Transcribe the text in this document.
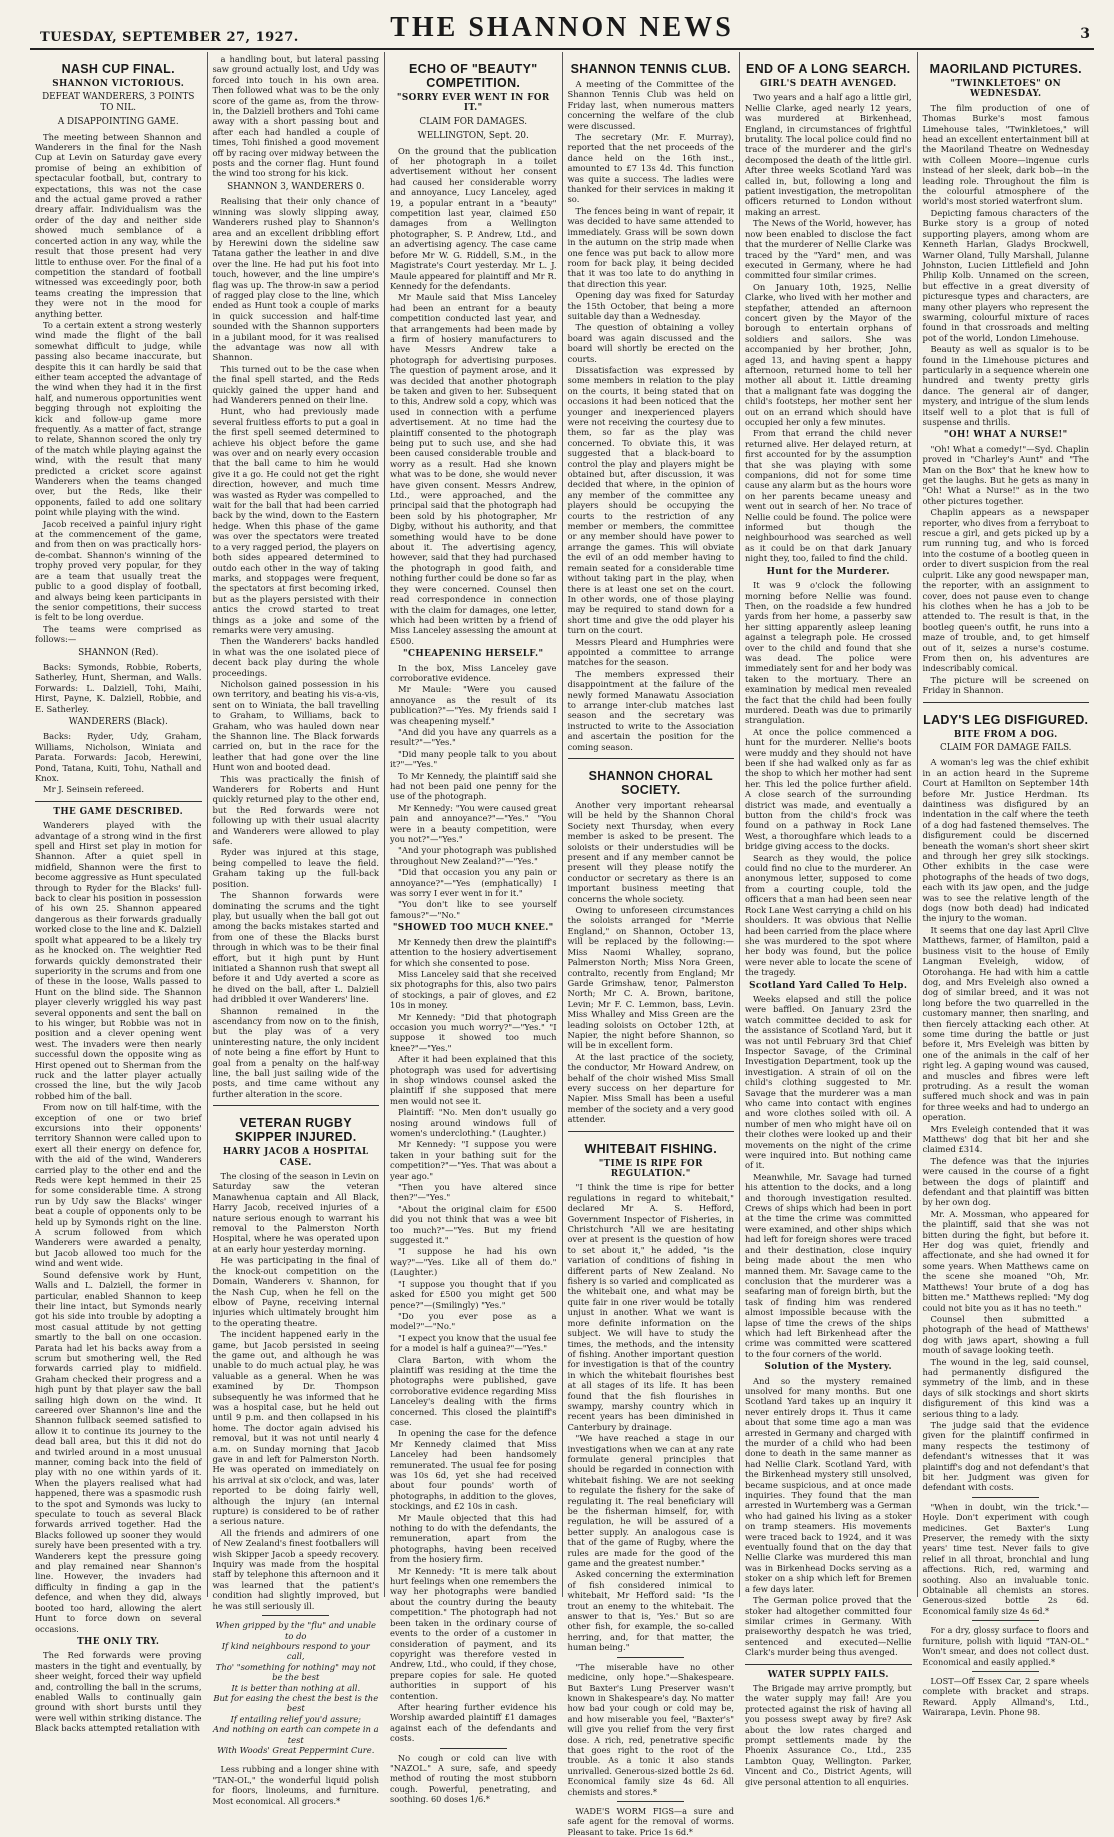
TUESDAY, SEPTEMBER 27, 1927.	THE SHANNON NEWS	3
NASH CUP FINAL.
SHANNON VICTORIOUS.
DEFEAT WANDERERS, 3 POINTS TO NIL.
A DISAPPOINTING GAME.

The meeting between Shannon and Wanderers in the final for the Nash Cup at Levin on Saturday gave every promise of being an exhibition of spectacular football, but, contrary to expectations, this was not the case and the actual game proved a rather dreary affair. Individualism was the order of the day and neither side showed much semblance of a concerted action in any way, while the result that those present had very little to enthuse over. For the final of a competition the standard of football witnessed was exceedingly poor, both teams creating the impression that they were not in the mood for anything better.

To a certain extent a strong westerly wind made the flight of the ball somewhat difficult to judge, while passing also became inaccurate, but despite this it can hardly be said that either team accepted the advantage of the wind when they had it in the first half, and numerous opportunities went begging through not exploiting the kick and follow-up game more frequently. As a matter of fact, strange to relate, Shannon scored the only try of the match while playing against the wind, with the result that many predicted a cricket score against Wanderers when the teams changed over, but the Reds, like their opponents, failed to add one solitary point while playing with the wind.

Jacob received a painful injury right at the commencement of the game, and from then on was practically hors-de-combat. Shannon's winning of the trophy proved very popular, for they are a team that usually treat the public to a good display of football, and always being keen participants in the senior competitions, their success is felt to be long overdue.

The teams were comprised as follows:—

SHANNON (Red).

Backs: Symonds, Robbie, Roberts, Satherley, Hunt, Sherman, and Walls. Forwards: L. Dalziell, Tohi, Maihi, Hirst, Payne, K. Dalziell, Robbie, and E. Satherley.

WANDERERS (Black).

Backs: Ryder, Udy, Graham, Williams, Nicholson, Winiata and Parata. Forwards: Jacob, Herewini, Pond, Tatana, Kuiti, Tohu, Nathall and Knox.

Mr J. Seinsein refereed.

THE GAME DESCRIBED.

Wanderers played with the advantage of a strong wind in the first spell and Hirst set play in motion for Shannon. After a quiet spell in midfield, Shannon were the first to become aggressive as Hunt speculated through to Ryder for the Blacks' full-back to clear his position in possession of his own 25. Shannon appeared dangerous as their forwards gradually worked close to the line and K. Dalziell spoilt what appeared to be a likely try as he knocked on. The weightier Red forwards quickly demonstrated their superiority in the scrums and from one of these in the loose, Walls passed to Hunt on the blind side. The Shannon player cleverly wriggled his way past several opponents and sent the ball on to his winger, but Robbie was not in position and a clever opening went west. The invaders were then nearly successful down the opposite wing as Hirst opened out to Sherman from the ruck and the latter player actually crossed the line, but the wily Jacob robbed him of the ball.

From now on till half-time, with the exception of one or two brief excursions into their opponents' territory Shannon were called upon to exert all their energy on defence for, with the aid of the wind, Wanderers carried play to the other end and the Reds were kept hemmed in their 25 for some considerable time. A strong run by Udy saw the Blacks' winger beat a couple of opponents only to be held up by Symonds right on the line. A scrum followed from which Wanderers were awarded a penalty, but Jacob allowed too much for the wind and went wide.

Sound defensive work by Hunt, Walls and L. Dalziell, the former in particular, enabled Shannon to keep their line intact, but Symonds nearly got his side into trouble by adopting a most casual attitude by not getting smartly to the ball on one occasion. Parata had let his backs away from a scrum but smothering well, the Red forwards carried play to midfield. Graham checked their progress and a high punt by that player saw the ball sailing high down on the wind. It careered over Shannon's line and the Shannon fullback seemed satisfied to allow it to continue its journey to the dead ball area, but this it did not do and twirled around in a most unusual manner, coming back into the field of play with no one within yards of it. When the players realised what had happened, there was a spasmodic rush to the spot and Symonds was lucky to speculate to touch as several Black forwards arrived together. Had the Blacks followed up sooner they would surely have been presented with a try. Wanderers kept the pressure going and play remained near Shannon's line. However, the invaders had difficulty in finding a gap in the defence, and when they did, always booted too hard, allowing the alert Hunt to force down on several occasions.

THE ONLY TRY.

The Red forwards were proving masters in the tight and eventually, by sheer weight, forced their way upfield and, controlling the ball in the scrums, enabled Walls to continually gain ground with short bursts until they were well within striking distance. The Black backs attempted retaliation with

a handling bout, but lateral passing saw ground actually lost, and Udy was forced into touch in his own area. Then followed what was to be the only score of the game as, from the throw-in, the Dalziell brothers and Tohi came away with a short passing bout and after each had handled a couple of times, Tohi finished a good movement off by racing over midway between the posts and the corner flag. Hunt found the wind too strong for his kick.

SHANNON 3, WANDERERS 0.

Realising that their only chance of winning was slowly slipping away, Wanderers rushed play to Shannon's area and an excellent dribbling effort by Herewini down the sideline saw Tatana gather the leather in and dive over the line. He had put his foot into touch, however, and the line umpire's flag was up. The throw-in saw a period of ragged play close to the line, which ended as Hunt took a couple of marks in quick succession and half-time sounded with the Shannon supporters in a jubilant mood, for it was realised the advantage was now all with Shannon.

This turned out to be the case when the final spell started, and the Reds quickly gained the upper hand and had Wanderers penned on their line.

Hunt, who had previously made several fruitless efforts to put a goal in the first spell seemed determined to achieve his object before the game was over and on nearly every occasion that the ball came to him he would give it a go. He could not get the right direction, however, and much time was wasted as Ryder was compelled to wait for the ball that had been carried back by the wind, down to the Eastern hedge. When this phase of the game was over the spectators were treated to a very ragged period, the players on both sides appeared determined to outdo each other in the way of taking marks, and stoppages were frequent, the spectators at first becoming irked, but as the players persisted with their antics the crowd started to treat things as a joke and some of the remarks were very amusing.

Then the Wanderers' backs handled in what was the one isolated piece of decent back play during the whole proceedings.

Nicholson gained possession in his own territory, and beating his vis-a-vis, sent on to Winiata, the ball travelling to Graham, to Williams, back to Graham, who was hauled down near the Shannon line. The Black forwards carried on, but in the race for the leather that had gone over the line Hunt won and booted dead.

This was practically the finish of Wanderers for Roberts and Hunt quickly returned play to the other end, but the Red forwards were not following up with their usual alacrity and Wanderers were allowed to play safe.

Ryder was injured at this stage, being compelled to leave the field. Graham taking up the full-back position.

The Shannon forwards were dominating the scrums and the tight play, but usually when the ball got out among the backs mistakes started and from one of these the Blacks burst through in which was to be their final effort, but it high punt by Hunt initiated a Shannon rush that swept all before it and Udy averted a score as he dived on the ball, after L. Dalziell had dribbled it over Wanderers' line.

Shannon remained in the ascendancy from now on to the finish, but the play was of a very uninteresting nature, the only incident of note being a fine effort by Hunt to goal from a penalty on the half-way line, the ball just sailing wide of the posts, and time came without any further alteration in the score.

VETERAN RUGBY SKIPPER INJURED.
HARRY JACOB A HOSPITAL CASE.

The closing of the season in Levin on Saturday saw the veteran Manawhenua captain and All Black, Harry Jacob, received injuries of a nature serious enough to warrant his removal to the Palmerston North Hospital, where he was operated upon at an early hour yesterday morning.

He was participating in the final of the knock-out competition on the Domain, Wanderers v. Shannon, for the Nash Cup, when he fell on the elbow of Payne, receiving internal injuries which ultimately brought him to the operating theatre.

The incident happened early in the game, but Jacob persisted in seeing the game out, and although he was unable to do much actual play, he was valuable as a general. When he was examined by Dr. Thompson subsequently he was informed that he was a hospital case, but he held out until 9 p.m. and then collapsed in his home. The doctor again advised his removal, but it was not until nearly 4 a.m. on Sunday morning that Jacob gave in and left for Palmerston North. He was operated on immediately on his arrival at six o'clock, and was, later reported to be doing fairly well, although the injury (an internal rupture) is considered to be of rather a serious nature.

All the friends and admirers of one of New Zealand's finest footballers will wish Skipper Jacob a speedy recovery. Inquiry was made from the hospital staff by telephone this afternoon and it was learned that the patient's condition had slightly improved, but he was still seriously ill.

When gripped by the "flu" and unable to do
If kind neighbours respond to your call,
Tho' "something for nothing" may not be the best
It is better than nothing at all.
But for easing the chest the best is the best
If entailing relief you'd assure;
And nothing on earth can compete in a test
With Woods' Great Peppermint Cure.

Less rubbing and a longer shine with "TAN-OL," the wonderful liquid polish for floors, linoleums, and furniture. Most economical. All grocers.*

ECHO OF "BEAUTY" COMPETITION.
"SORRY EVER WENT IN FOR IT."
CLAIM FOR DAMAGES.
WELLINGTON, Sept. 20.

On the ground that the publication of her photograph in a toilet advertisement without her consent had caused her considerable worry and annoyance, Lucy Lanceley, aged 19, a popular entrant in a "beauty" competition last year, claimed £50 damages from a Wellington photographer, S. P. Andrew, Ltd., and an advertising agency. The case came before Mr W. G. Riddell, S.M., in the Magistrate's Court yesterday. Mr L. J. Maule appeared for plaintiff and Mr R. Kennedy for the defendants.

Mr Maule said that Miss Lanceley had been an entrant for a beauty competition conducted last year, and that arrangements had been made by a firm of hosiery manufacturers to have Messrs Andrew take a photograph for advertising purposes. The question of payment arose, and it was decided that another photograph be taken and given to her. Subsequent to this, Andrew sold a copy, which was used in connection with a perfume advertisement. At no time had the plaintiff consented to the photograph being put to such use, and she had been caused considerable trouble and worry as a result. Had she known what was to be done, she would never have given consent. Messrs Andrew, Ltd., were approached, and the principal said that the photograph had been sold by his photographer, Mr Digby, without his authority, and that something would have to be done about it. The advertising agency, however, said that they had purchased the photograph in good faith, and nothing further could be done so far as they were concerned. Counsel then read correspondence in connection with the claim for damages, one letter, which had been written by a friend of Miss Lanceley assessing the amount at £500.

"CHEAPENING HERSELF."

In the box, Miss Lanceley gave corroborative evidence.

Mr Maule: "Were you caused annoyance as the result of its publication?"—"Yes. My friends said I was cheapening myself."

"And did you have any quarrels as a result?"—"Yes."

"Did many people talk to you about it?"—"Yes."

To Mr Kennedy, the plaintiff said she had not been paid one penny for the use of the photograph.

Mr Kennedy: "You were caused great pain and annoyance?"—"Yes." "You were in a beauty competition, were you not?"—"Yes."

"And your photograph was published throughout New Zealand?"—"Yes."

"Did that occasion you any pain or annoyance?"—"Yes (emphatically) I was sorry I ever went in for it."

"You don't like to see yourself famous?"—"No."

"SHOWED TOO MUCH KNEE."

Mr Kennedy then drew the plaintiff's attention to the hosiery advertisement for which she consented to pose.

Miss Lanceley said that she received six photographs for this, also two pairs of stockings, a pair of gloves, and £2 10s in money.

Mr Kennedy: "Did that photograph occasion you much worry?"—"Yes." "I suppose it showed too much knee?"—"Yes."

After it had been explained that this photograph was used for advertising in shop windows counsel asked the plaintiff if she supposed that mere men would not see it.

Plaintiff: "No. Men don't usually go nosing around windows full of women's underclothing." (Laughter.)

Mr Kennedy: "I suppose you were taken in your bathing suit for the competition?"—"Yes. That was about a year ago."

"Then you have altered since then?"—"Yes."

"About the original claim for £500 did you not think that was a wee bit too much?"—"Yes. But my friend suggested it."

"I suppose he had his own way?"—"Yes. Like all of them do." (Laughter.)

"I suppose you thought that if you asked for £500 you might get 500 pence?"—(Smilingly) "Yes."

"Do you ever pose as a model?"—"No."

"I expect you know that the usual fee for a model is half a guinea?"—"Yes."

Clara Barton, with whom the plaintiff was residing at the time the photographs were published, gave corroborative evidence regarding Miss Lanceley's dealing with the firms concerned. This closed the plaintiff's case.

In opening the case for the defence Mr Kennedy claimed that Miss Lanceley had been handsomely remunerated. The usual fee for posing was 10s 6d, yet she had received about four pounds' worth of photographs, in addition to the gloves, stockings, and £2 10s in cash.

Mr Maule objected that this had nothing to do with the defendants, the remuneration, apart from the photographs, having been received from the hosiery firm.

Mr Kennedy: "It is mere talk about hurt feelings when one remembers the way her photographs were bandied about the country during the beauty competition." The photograph had not been taken in the ordinary course of events to the order of a customer in consideration of payment, and its copyright was therefore vested in Andrew, Ltd., who could, if they chose, prepare copies for sale. He quoted authorities in support of his contention.

After hearing further evidence his Worship awarded plaintiff £1 damages against each of the defendants and costs.

No cough or cold can live with "NAZOL." A sure, safe, and speedy method of routing the most stubborn cough. Powerful, penetrating, and soothing. 60 doses 1/6.*

SHANNON TENNIS CLUB.

A meeting of the Committee of the Shannon Tennis Club was held on Friday last, when numerous matters concerning the welfare of the club were discussed.

The secretary (Mr. F. Murray), reported that the net proceeds of the dance held on the 16th inst., amounted to £7 13s 4d. This function was quite a success. The ladies were thanked for their services in making it so.

The fences being in want of repair, it was decided to have same attended to immediately. Grass will be sown down in the autumn on the strip made when one fence was put back to allow more room for back play, it being decided that it was too late to do anything in that direction this year.

Opening day was fixed for Saturday the 15th October, that being a more suitable day than a Wednesday.

The question of obtaining a volley board was again discussed and the board will shortly be erected on the courts.

Dissatisfaction was expressed by some members in relation to the play on the courts, it being stated that on occasions it had been noticed that the younger and inexperienced players were not receiving the courtesy due to them, so far as the play was concerned. To obviate this, it was suggested that a black-board to control the play and players might be obtained but, after discussion, it was decided that where, in the opinion of any member of the committee any players should be occupying the courts to the restriction of any member or members, the committee or any member should have power to arrange the games. This will obviate the evil of an odd member having to remain seated for a considerable time without taking part in the play, when there is at least one set on the court. In other words, one of those playing may be required to stand down for a short time and give the odd player his turn on the court.

Messrs Pleard and Humphries were appointed a committee to arrange matches for the season.

The members expressed their disappointment at the failure of the newly formed Manawatu Association to arrange inter-club matches last season and the secretary was instructed to write to the Association and ascertain the position for the coming season.

SHANNON CHORAL SOCIETY.

Another very important rehearsal will be held by the Shannon Choral Society next Thursday, when every member is asked to be present. The soloists or their understudies will be present and if any member cannot be present will they please notify the conductor or secretary as there is an important business meeting that concerns the whole society.

Owing to unforeseen circumstances the soloists arranged for "Merrie England," on Shannon, October 13, will be replaced by the following:—Miss Naomi Whalley, soprano, Palmerston North; Miss Nora Green, contralto, recently from England; Mr Garde Grimshaw, tenor, Palmerston North; Mr C. A. Brown, baritone, Levin; Mr F. C. Lemmon, bass, Levin. Miss Whalley and Miss Green are the leading soloists on October 12th, at Napier, the night before Shannon, so will be in excellent form.

At the last practice of the society, the conductor, Mr Howard Andrew, on behalf of the choir wished Miss Small every success on her departure for Napier. Miss Small has been a useful member of the society and a very good attender.

WHITEBAIT FISHING.
"TIME IS RIPE FOR REGULATION."

"I think the time is ripe for better regulations in regard to whitebait," declared Mr A. S. Hefford, Government Inspector of Fisheries, in Christchurch "All we are hesitating over at present is the question of how to set about it," he added, "is the variation of conditions of fishing in different parts of New Zealand. No fishery is so varied and complicated as the whitebait one, and what may be quite fair in one river would be totally unjust in another. What we want is more definite information on the subject. We will have to study the times, the methods, and the intensity of fishing. Another important question for investigation is that of the country in which the whitebait flourishes best at all stages of its life. It has been found that the fish flourishes in swampy, marshy country which in recent years has been diminished in Canterbury by drainage.

"We have reached a stage in our investigations when we can at any rate formulate general principles that should be regarded in connection with whitebait fishing. We are not seeking to regulate the fishery for the sake of regulating it. The real beneficiary will be the fisherman himself, for, with regulation, he will be assured of a better supply. An analogous case is that of the game of Rugby, where the rules are made for the good of the game and the greatest number."

Asked concerning the extermination of fish considered inimical to whitebait, Mr Hefford said: "Is the trout an enemy to the whitebait. The answer to that is, 'Yes.' But so are other fish, for example, the so-called herring, and, for that matter, the human being."

"The miserable have no other medicine, only hope."—Shakespeare. But Baxter's Lung Preserver wasn't known in Shakespeare's day. No matter how bad your cough or cold may be, and how miserable you feel, "Baxter's" will give you relief from the very first dose. A rich, red, penetrative specific that goes right to the root of the trouble. As a tonic it also stands unrivalled. Generous-sized bottle 2s 6d. Economical family size 4s 6d. All chemists and stores.*

WADE'S WORM FIGS—a sure and safe agent for the removal of worms. Pleasant to take. Price 1s 6d.*

END OF A LONG SEARCH.
GIRL'S DEATH AVENGED.

Two years and a half ago a little girl, Nellie Clarke, aged nearly 12 years, was murdered at Birkenhead, England, in circumstances of frightful brutality. The local police could find no trace of the murderer and the girl's decomposed the death of the little girl. After three weeks Scotland Yard was called in, but, following a long and patient investigation, the metropolitan officers returned to London without making an arrest.

The News of the World, however, has now been enabled to disclose the fact that the murderer of Nellie Clarke was traced by the "Yard" men, and was executed in Germany, where he had committed four similar crimes.

On January 10th, 1925, Nellie Clarke, who lived with her mother and stepfather, attended an afternoon concert given by the Mayor of the borough to entertain orphans of soldiers and sailors. She was accompanied by her brother, John, aged 13, and having spent a happy afternoon, returned home to tell her mother all about it. Little dreaming that a malignant fate was dogging the child's footsteps, her mother sent her out on an errand which should have occupied her only a few minutes.

From that errand the child never returned alive. Her delayed return, at first accounted for by the assumption that she was playing with some companions, did not for some time cause any alarm but as the hours wore on her parents became uneasy and went out in search of her. No trace of Nellie could be found. The police were informed but though the neighbourhood was searched as well as it could be on that dark January night they, too, failed to find the child.

Hunt for the Murderer.

It was 9 o'clock the following morning before Nellie was found. Then, on the roadside a few hundred yards from her home, a passerby saw her sitting apparently asleep leaning against a telegraph pole. He crossed over to the child and found that she was dead. The police were immediately sent for and her body was taken to the mortuary. There an examination by medical men revealed the fact that the child had been foully murdered. Death was due to primarily strangulation.

At once the police commenced a hunt for the murderer. Nellie's boots were muddy and they should not have been if she had walked only as far as the shop to which her mother had sent her. This led the police further afield. A close search of the surrounding district was made, and eventually a button from the child's frock was found on a pathway in Rock Lane West, a thoroughfare which leads to a bridge giving access to the docks.

Search as they would, the police could find no clue to the murderer. An anonymous letter, supposed to come from a courting couple, told the officers that a man had been seen near Rock Lane West carrying a child on his shoulders. It was obvious that Nellie had been carried from the place where she was murdered to the spot where her body was found, but the police were never able to locate the scene of the tragedy.

Scotland Yard Called To Help.

Weeks elapsed and still the police were baffled. On January 23rd the watch committee decided to ask for the assistance of Scotland Yard, but it was not until February 3rd that Chief Inspector Savage, of the Criminal Investigation Department, took up the investigation. A strain of oil on the child's clothing suggested to Mr. Savage that the murderer was a man who came into contact with engines and wore clothes soiled with oil. A number of men who might have oil on their clothes were looked up and their movements on the night of the crime were inquired into. But nothing came of it.

Meanwhile, Mr. Savage had turned his attention to the docks, and a long and thorough investigation resulted. Crews of ships which had been in port at the time the crime was committed were examined, and other ships which had left for foreign shores were traced and their destination, close inquiry being made about the men who manned them. Mr. Savage came to the conclusion that the murderer was a seafaring man of foreign birth, but the task of finding him was rendered almost impossible because with the lapse of time the crews of the ships which had left Birkenhead after the crime was committed were scattered to the four corners of the world.

Solution of the Mystery.

And so the mystery remained unsolved for many months. But one Scotland Yard takes up an inquiry it never entirely drops it. Thus it came about that some time ago a man was arrested in Germany and charged with the murder of a child who had been done to death in the same manner as had Nellie Clark. Scotland Yard, with the Birkenhead mystery still unsolved, became suspicious, and at once made inquiries. They found that the man arrested in Wurtemberg was a German who had gained his living as a stoker on tramp steamers. His movements were traced back to 1924, and it was eventually found that on the day that Nellie Clarke was murdered this man was in Birkenhead Docks serving as a stoker on a ship which left for Bremen a few days later.

The German police proved that the stoker had altogether committed four similar crimes in Germany. With praiseworthy despatch he was tried, sentenced and executed—Nellie Clark's murder being thus avenged.

WATER SUPPLY FAILS.

The Brigade may arrive promptly, but the water supply may fail! Are you protected against the risk of having all you possess swept away by fire? Ask about the low rates charged and prompt settlements made by the Phoenix Assurance Co., Ltd., 235 Lambton Quay, Wellington. Parker, Vincent and Co., District Agents, will give personal attention to all enquiries.

MAORILAND PICTURES.
"TWINKLETOES" ON WEDNESDAY.

The film production of one of Thomas Burke's most famous Limehouse tales, "Twinkletoes," will head an excellent entertainment bill at the Maoriland Theatre on Wednesday with Colleen Moore—ingenue curls instead of her sleek, dark bob—in the leading role. Throughout the film is the colourful atmosphere of the world's most storied waterfront slum.

Depicting famous characters of the Burke story is a group of noted supporting players, among whom are Kenneth Harlan, Gladys Brockwell, Warner Oland, Tully Marshall, Julanne Johnston, Lucien Littlefield and John Philip Kolb. Unnamed on the screen, but effective in a great diversity of picturesque types and characters, are many other players who represent the swarming, colourful mixture of races found in that crossroads and melting pot of the world, London Limehouse.

Beauty as well as squalor is to be found in the Limehouse pictures and particularly in a sequence wherein one hundred and twenty pretty girls dance. The general air of danger, mystery, and intrigue of the slum lends itself well to a plot that is full of suspense and thrills.

"OH! WHAT A NURSE!"

"Oh! What a comedy!"—Syd. Chaplin proved in "Charley's Aunt" and "The Man on the Box" that he knew how to get the laughs. But he gets as many in "Oh! What a Nurse!" as in the two other pictures together.

Chaplin appears as a newspaper reporter, who dives from a ferryboat to rescue a girl, and gets picked up by a rum running tug, and who is forced into the costume of a bootleg queen in order to divert suspicion from the real culprit. Like any good newspaper man, the reporter, with an assignment to cover, does not pause even to change his clothes when he has a job to be attended to. The result is that, in the bootleg queen's outfit, he runs into a maze of trouble, and, to get himself out of it, seizes a nurse's costume. From then on, his adventures are indescribably comical.

The picture will be screened on Friday in Shannon.

LADY'S LEG DISFIGURED.
BITE FROM A DOG.
CLAIM FOR DAMAGE FAILS.

A woman's leg was the chief exhibit in an action heard in the Supreme Court at Hamilton on September 14th before Mr. Justice Herdman. Its daintiness was disfigured by an indentation in the calf where the teeth of a dog had fastened themselves. The disfigurement could be discerned beneath the woman's short sheer skirt and through her grey silk stockings. Other exhibits in the case were photographs of the heads of two dogs, each with its jaw open, and the judge was to see the relative length of the dogs (now both dead) had indicated the injury to the woman.

It seems that one day last April Clive Matthews, farmer, of Hamilton, paid a business visit to the house of Emily Langman Eveleigh, widow, of Otorohanga. He had with him a cattle dog, and Mrs Eveleigh also owned a dog of similar breed, and it was not long before the two quarrelled in the customary manner, then snarling, and then fiercely attacking each other. At some time during the battle or just before it, Mrs Eveleigh was bitten by one of the animals in the calf of her right leg. A gaping wound was caused, and muscles and fibres were left protruding. As a result the woman suffered much shock and was in pain for three weeks and had to undergo an operation.

Mrs Eveleigh contended that it was Matthews' dog that bit her and she claimed £314.

The defence was that the injuries were caused in the course of a fight between the dogs of plaintiff and defendant and that plaintiff was bitten by her own dog.

Mr. A. Mossman, who appeared for the plaintiff, said that she was not bitten during the fight, but before it. Her dog was quiet, friendly and affectionate, and she had owned it for some years. When Matthews came on the scene she moaned "Oh, Mr. Matthews! Your brute of a dog has bitten me." Matthews replied: "My dog could not bite you as it has no teeth."

Counsel then submitted a photograph of the head of Matthews' dog with jaws apart, showing a full mouth of savage looking teeth.

The wound in the leg, said counsel, had permanently disfigured the symmetry of the limb, and in these days of silk stockings and short skirts disfigurement of this kind was a serious thing to a lady.

The judge said that the evidence given for the plaintiff confirmed in many respects the testimony of defendant's witnesses that it was plaintiff's dog and not defendant's that bit her. Judgment was given for defendant with costs.

"When in doubt, win the trick."—Hoyle. Don't experiment with cough medicines. Get Baxter's Lung Preserver, the remedy with the sixty years' time test. Never fails to give relief in all throat, bronchial and lung affections. Rich, red, warming and soothing. Also an invaluable tonic. Obtainable all chemists an stores. Generous-sized bottle 2s 6d. Economical family size 4s 6d.*

For a dry, glossy surface to floors and furniture, polish with liquid "TAN-OL." Won't smear, and does not collect dust. Economical and easily applied.*

LOST—Off Essex Car, 2 spare wheels complete with bracket and straps. Reward. Apply Allmand's, Ltd., Wairarapa, Levin. Phone 98.
